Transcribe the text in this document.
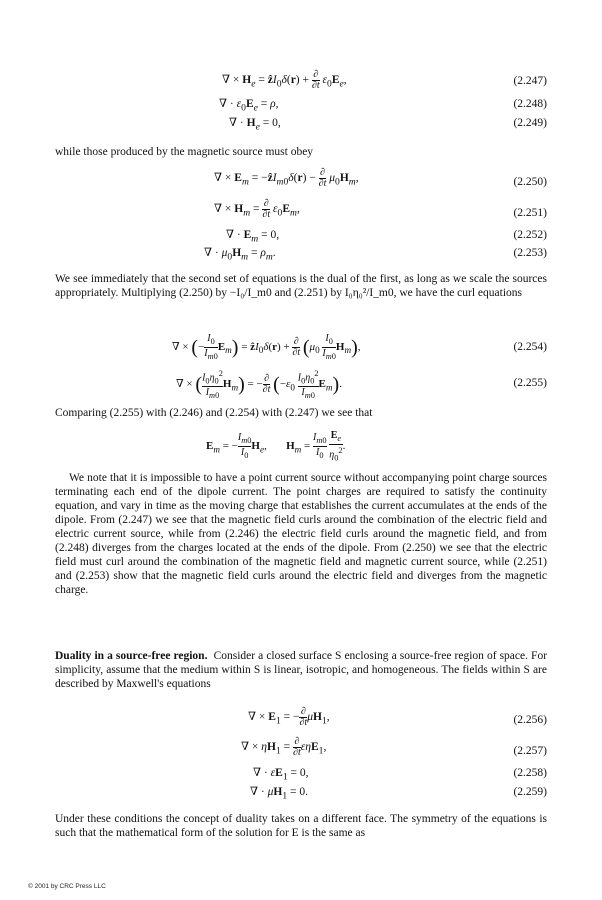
∇ × $H_e$ = ẑI$_0$δ(r) + ∂
∂t $\varepsilon_0E_e$,	(2.247)
∇ · $\varepsilon_0E_e = \rho$,	(2.248)
∇ · $H_e = 0$,	(2.249)
while those produced by the magnetic source must obey
∇ × $E_m$ = −ẑI$_{m0}$δ(r) − ∂
∂t $\mu_0H_m$,	(2.250)
∇ × $H_m$ = ∂
∂t $\varepsilon_0E_m$,	(2.251)
∇ · $E_m = 0$,	(2.252)
∇ · $\mu_0H_m = \rho_m$.	(2.253)
We see immediately that the second set of equations is the dual of the first, as long as we scale the sources appropriately. Multiplying (2.250) by −I₀/I_m0 and (2.251) by I₀η₀²/I_m0, we have the curl equations
∇ × (− $\frac{I_0}{I_{m0}} E_m$) = ẑI$_0$δ(r) + ∂
∂t $(\mu_0 \frac{I_0}{I_{m0}} H_m)$,	(2.254)
∇ × ( $\frac{I_0\eta_0^2}{I_{m0}} H_m$) = − ∂
∂t $(-\varepsilon_0 \frac{I_0\eta_0^2}{I_{m0}} E_m)$.	(2.255)
Comparing (2.255) with (2.246) and (2.254) with (2.247) we see that
$E_m$ = − $\frac{I_{m0}}{I_0} H_e$,       $H_m = \frac{I_{m0}}{I_0}$
$\frac{E_e}{\eta_0^2}$ .
We note that it is impossible to have a point current source without accompanying point charge sources terminating each end of the dipole current. The point charges are required to satisfy the continuity equation, and vary in time as the moving charge that establishes the current accumulates at the ends of the dipole. From (2.247) we see that the magnetic field curls around the combination of the electric field and electric current source, while from (2.246) the electric field curls around the magnetic field, and from (2.248) diverges from the charges located at the ends of the dipole. From (2.250) we see that the electric field must curl around the combination of the magnetic field and magnetic current source, while (2.251) and (2.253) show that the magnetic field curls around the electric field and diverges from the magnetic charge.
Duality in a source-free region. Consider a closed surface S enclosing a source-free region of space. For simplicity, assume that the medium within S is linear, isotropic, and homogeneous. The fields within S are described by Maxwell's equations
∇ × $E_1$ = − ∂
∂t $\mu H_1$,	(2.256)
∇ × $\eta H_1$ = ∂
∂t εηE$_1$,	(2.257)
∇ · $\varepsilon E_1 = 0$,	(2.258)
∇ · $\mu H_1 = 0$.	(2.259)
Under these conditions the concept of duality takes on a different face. The symmetry of the equations is such that the mathematical form of the solution for E is the same as
© 2001 by CRC Press LLC
